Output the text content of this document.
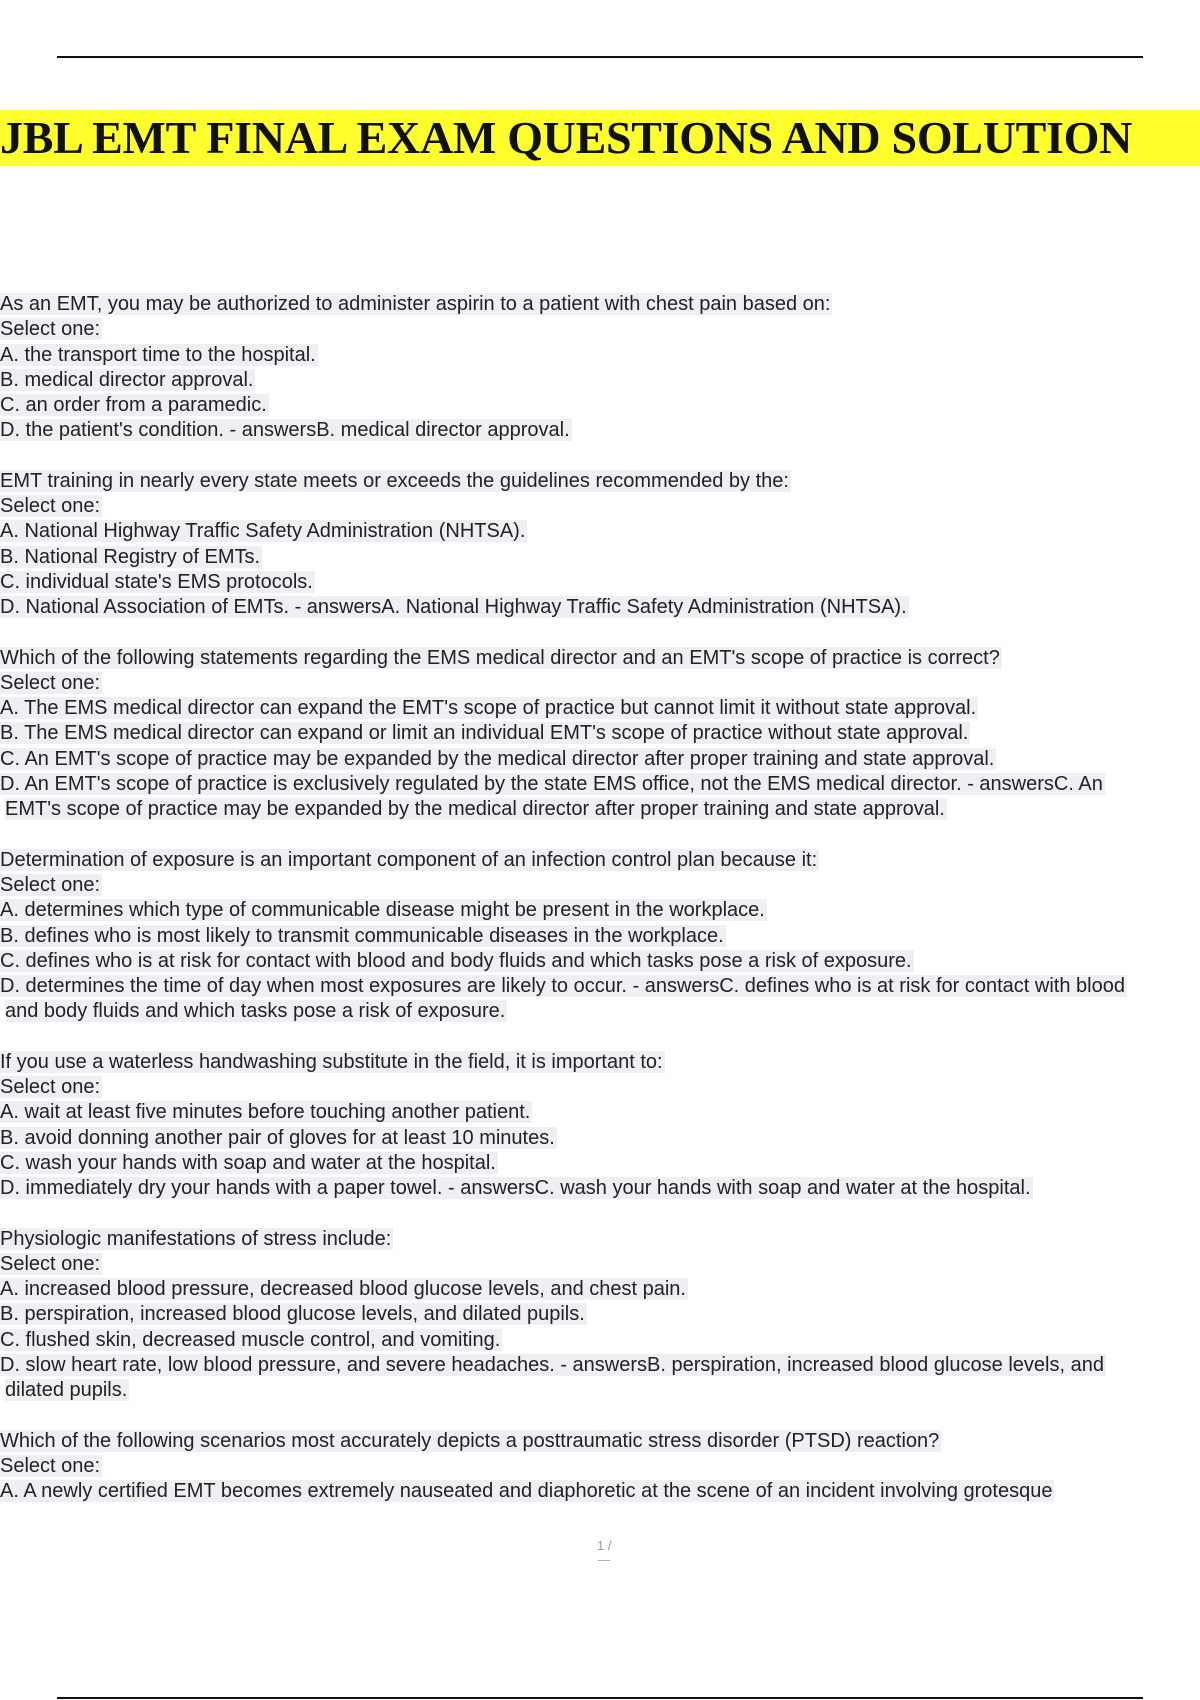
JBL EMT FINAL EXAM QUESTIONS AND SOLUTION
As an EMT, you may be authorized to administer aspirin to a patient with chest pain based on:
Select one:
A. the transport time to the hospital.
B. medical director approval.
C. an order from a paramedic.
D. the patient's condition. - answersB. medical director approval.
EMT training in nearly every state meets or exceeds the guidelines recommended by the:
Select one:
A. National Highway Traffic Safety Administration (NHTSA).
B. National Registry of EMTs.
C. individual state's EMS protocols.
D. National Association of EMTs. - answersA. National Highway Traffic Safety Administration (NHTSA).
Which of the following statements regarding the EMS medical director and an EMT's scope of practice is correct?
Select one:
A. The EMS medical director can expand the EMT's scope of practice but cannot limit it without state approval.
B. The EMS medical director can expand or limit an individual EMT's scope of practice without state approval.
C. An EMT's scope of practice may be expanded by the medical director after proper training and state approval.
D. An EMT's scope of practice is exclusively regulated by the state EMS office, not the EMS medical director. - answersC. An
EMT's scope of practice may be expanded by the medical director after proper training and state approval.
Determination of exposure is an important component of an infection control plan because it:
Select one:
A. determines which type of communicable disease might be present in the workplace.
B. defines who is most likely to transmit communicable diseases in the workplace.
C. defines who is at risk for contact with blood and body fluids and which tasks pose a risk of exposure.
D. determines the time of day when most exposures are likely to occur. - answersC. defines who is at risk for contact with blood
and body fluids and which tasks pose a risk of exposure.
If you use a waterless handwashing substitute in the field, it is important to:
Select one:
A. wait at least five minutes before touching another patient.
B. avoid donning another pair of gloves for at least 10 minutes.
C. wash your hands with soap and water at the hospital.
D. immediately dry your hands with a paper towel. - answersC. wash your hands with soap and water at the hospital.
Physiologic manifestations of stress include:
Select one:
A. increased blood pressure, decreased blood glucose levels, and chest pain.
B. perspiration, increased blood glucose levels, and dilated pupils.
C. flushed skin, decreased muscle control, and vomiting.
D. slow heart rate, low blood pressure, and severe headaches. - answersB. perspiration, increased blood glucose levels, and
dilated pupils.
Which of the following scenarios most accurately depicts a posttraumatic stress disorder (PTSD) reaction?
Select one:
A. A newly certified EMT becomes extremely nauseated and diaphoretic at the scene of an incident involving grotesque
1 /
